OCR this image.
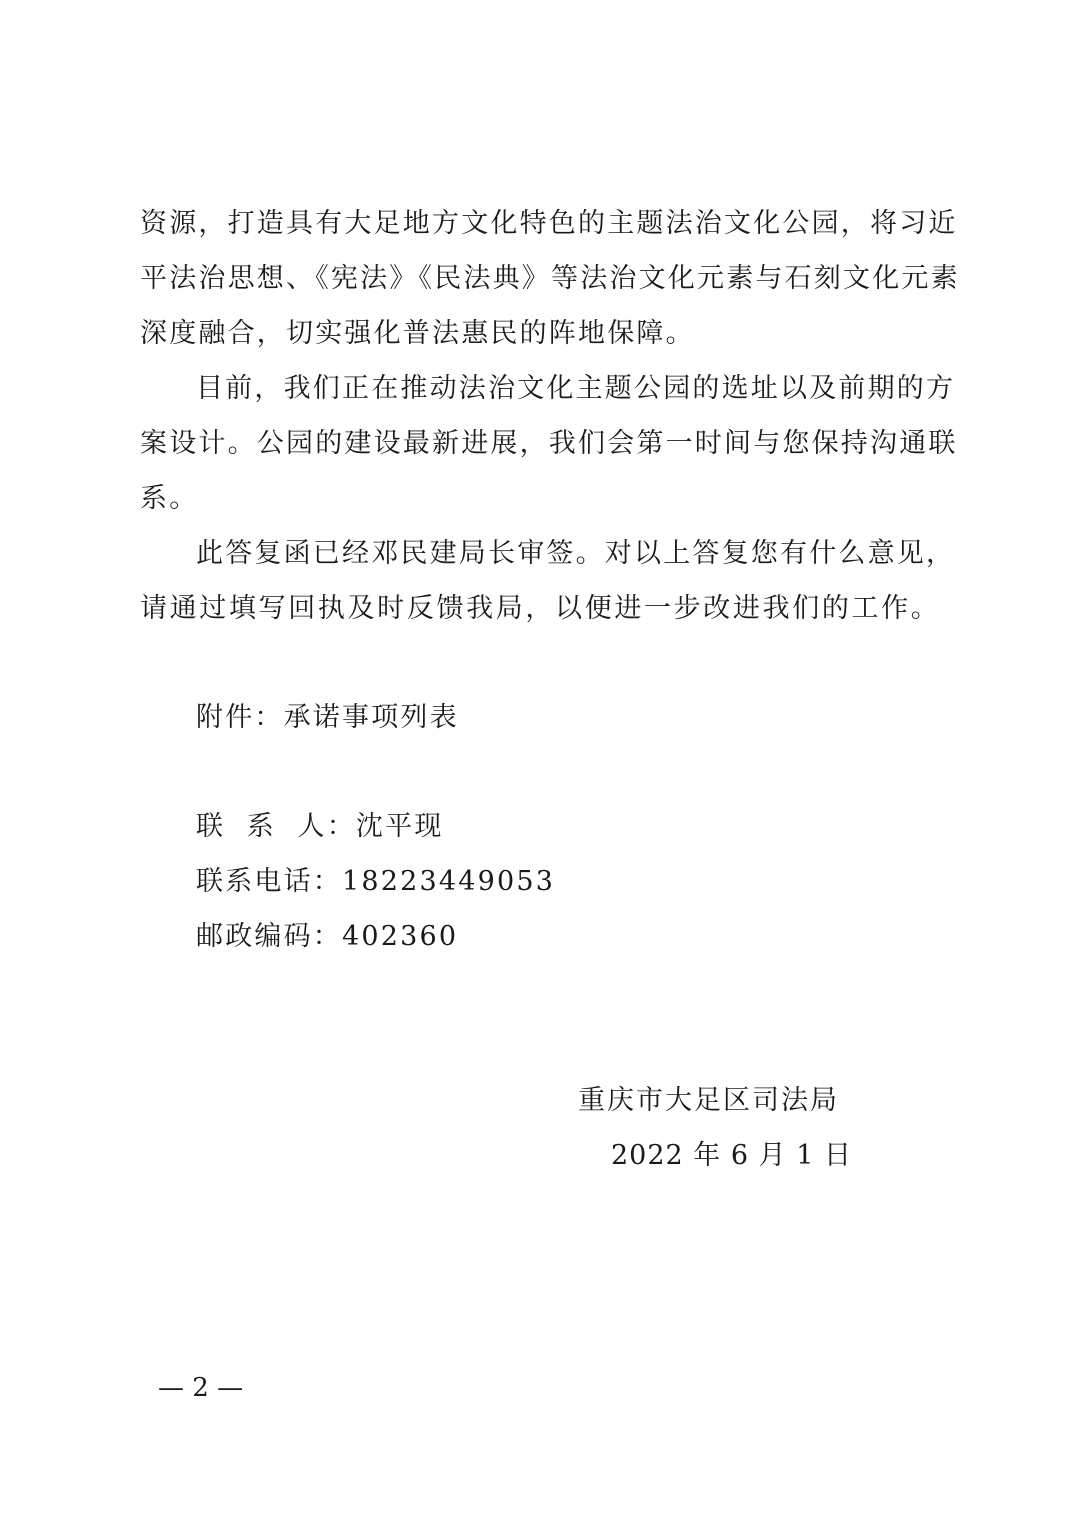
资源，打造具有大足地方文化特色的主题法治文化公园，将习近
平法治思想、《宪法》《民法典》等法治文化元素与石刻文化元素
深度融合，切实强化普法惠民的阵地保障。
目前，我们正在推动法治文化主题公园的选址以及前期的方
案设计。公园的建设最新进展，我们会第一时间与您保持沟通联
系。
此答复函已经邓民建局长审签。对以上答复您有什么意见，
请通过填写回执及时反馈我局，以便进一步改进我们的工作。
附件：承诺事项列表
联  系  人：沈平现
联系电话：18223449053
邮政编码：402360
重庆市大足区司法局
2022 年 6 月 1 日
— 2 —
